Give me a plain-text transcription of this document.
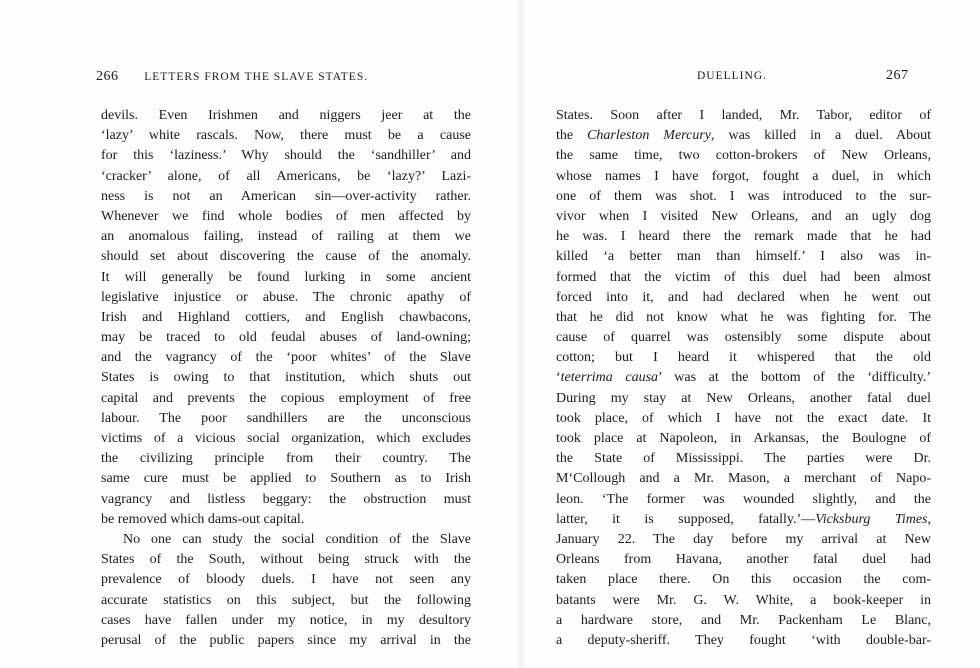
266 LETTERS FROM THE SLAVE STATES.
devils. Even Irishmen and niggers jeer at the
‘lazy’ white rascals. Now, there must be a cause
for this ‘laziness.’ Why should the ‘sandhiller’ and
‘cracker’ alone, of all Americans, be ‘lazy?’ Lazi-
ness is not an American sin—over-activity rather.
Whenever we find whole bodies of men affected by
an anomalous failing, instead of railing at them we
should set about discovering the cause of the anomaly.
It will generally be found lurking in some ancient
legislative injustice or abuse. The chronic apathy of
Irish and Highland cottiers, and English chawbacons,
may be traced to old feudal abuses of land-owning;
and the vagrancy of the ‘poor whites’ of the Slave
States is owing to that institution, which shuts out
capital and prevents the copious employment of free
labour. The poor sandhillers are the unconscious
victims of a vicious social organization, which excludes
the civilizing principle from their country. The
same cure must be applied to Southern as to Irish
vagrancy and listless beggary: the obstruction must
be removed which dams-out capital.
No one can study the social condition of the Slave
States of the South, without being struck with the
prevalence of bloody duels. I have not seen any
accurate statistics on this subject, but the following
cases have fallen under my notice, in my desultory
perusal of the public papers since my arrival in the
DUELLING.	267
States. Soon after I landed, Mr. Tabor, editor of
the Charleston Mercury, was killed in a duel. About
the same time, two cotton-brokers of New Orleans,
whose names I have forgot, fought a duel, in which
one of them was shot. I was introduced to the sur-
vivor when I visited New Orleans, and an ugly dog
he was. I heard there the remark made that he had
killed ‘a better man than himself.’ I also was in-
formed that the victim of this duel had been almost
forced into it, and had declared when he went out
that he did not know what he was fighting for. The
cause of quarrel was ostensibly some dispute about
cotton; but I heard it whispered that the old
‘teterrima causa’ was at the bottom of the ‘difficulty.’
During my stay at New Orleans, another fatal duel
took place, of which I have not the exact date. It
took place at Napoleon, in Arkansas, the Boulogne of
the State of Mississippi. The parties were Dr.
M‘Collough and a Mr. Mason, a merchant of Napo-
leon. ‘The former was wounded slightly, and the
latter, it is supposed, fatally.’—Vicksburg Times,
January 22. The day before my arrival at New
Orleans from Havana, another fatal duel had
taken place there. On this occasion the com-
batants were Mr. G. W. White, a book-keeper in
a hardware store, and Mr. Packenham Le Blanc,
a deputy-sheriff. They fought ‘with double-bar-
